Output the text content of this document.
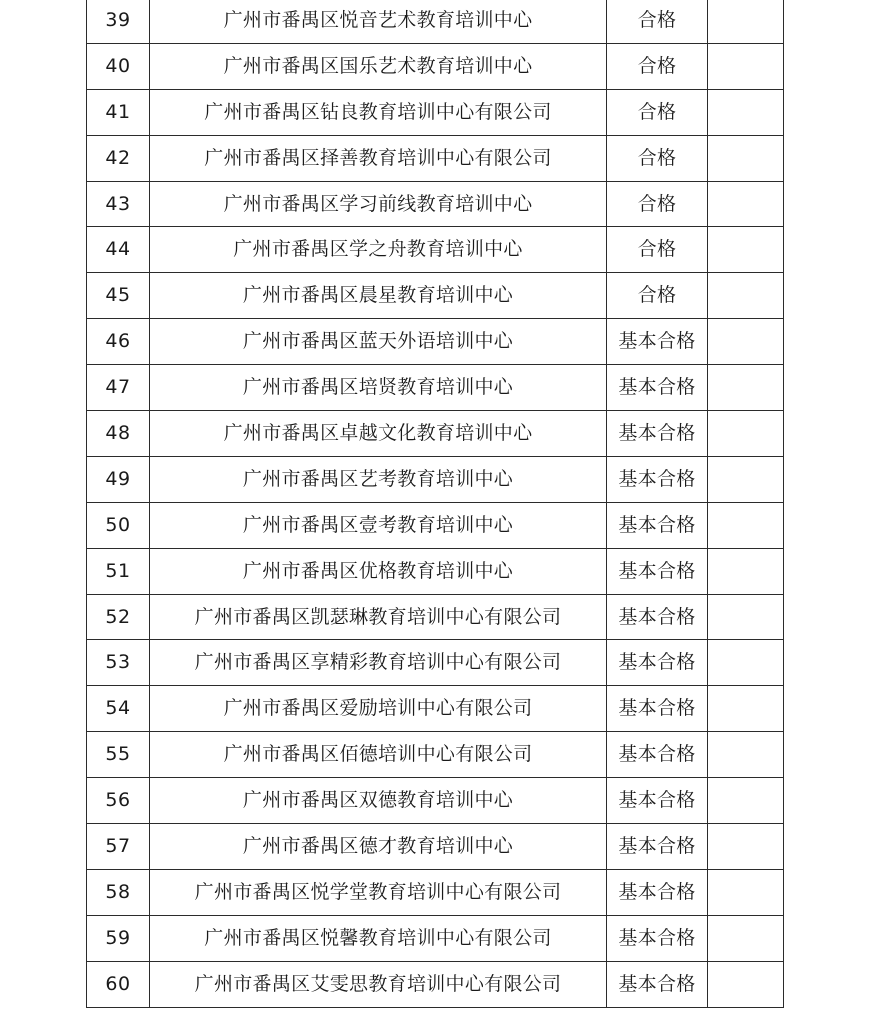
39	广州市番禺区悦音艺术教育培训中心	合格	
40	广州市番禺区国乐艺术教育培训中心	合格	
41	广州市番禺区钻良教育培训中心有限公司	合格	
42	广州市番禺区择善教育培训中心有限公司	合格	
43	广州市番禺区学习前线教育培训中心	合格	
44	广州市番禺区学之舟教育培训中心	合格	
45	广州市番禺区晨星教育培训中心	合格	
46	广州市番禺区蓝天外语培训中心	基本合格	
47	广州市番禺区培贤教育培训中心	基本合格	
48	广州市番禺区卓越文化教育培训中心	基本合格	
49	广州市番禺区艺考教育培训中心	基本合格	
50	广州市番禺区壹考教育培训中心	基本合格	
51	广州市番禺区优格教育培训中心	基本合格	
52	广州市番禺区凯瑟琳教育培训中心有限公司	基本合格	
53	广州市番禺区享精彩教育培训中心有限公司	基本合格	
54	广州市番禺区爱励培训中心有限公司	基本合格	
55	广州市番禺区佰德培训中心有限公司	基本合格	
56	广州市番禺区双德教育培训中心	基本合格	
57	广州市番禺区德才教育培训中心	基本合格	
58	广州市番禺区悦学堂教育培训中心有限公司	基本合格	
59	广州市番禺区悦馨教育培训中心有限公司	基本合格	
60	广州市番禺区艾雯思教育培训中心有限公司	基本合格	
